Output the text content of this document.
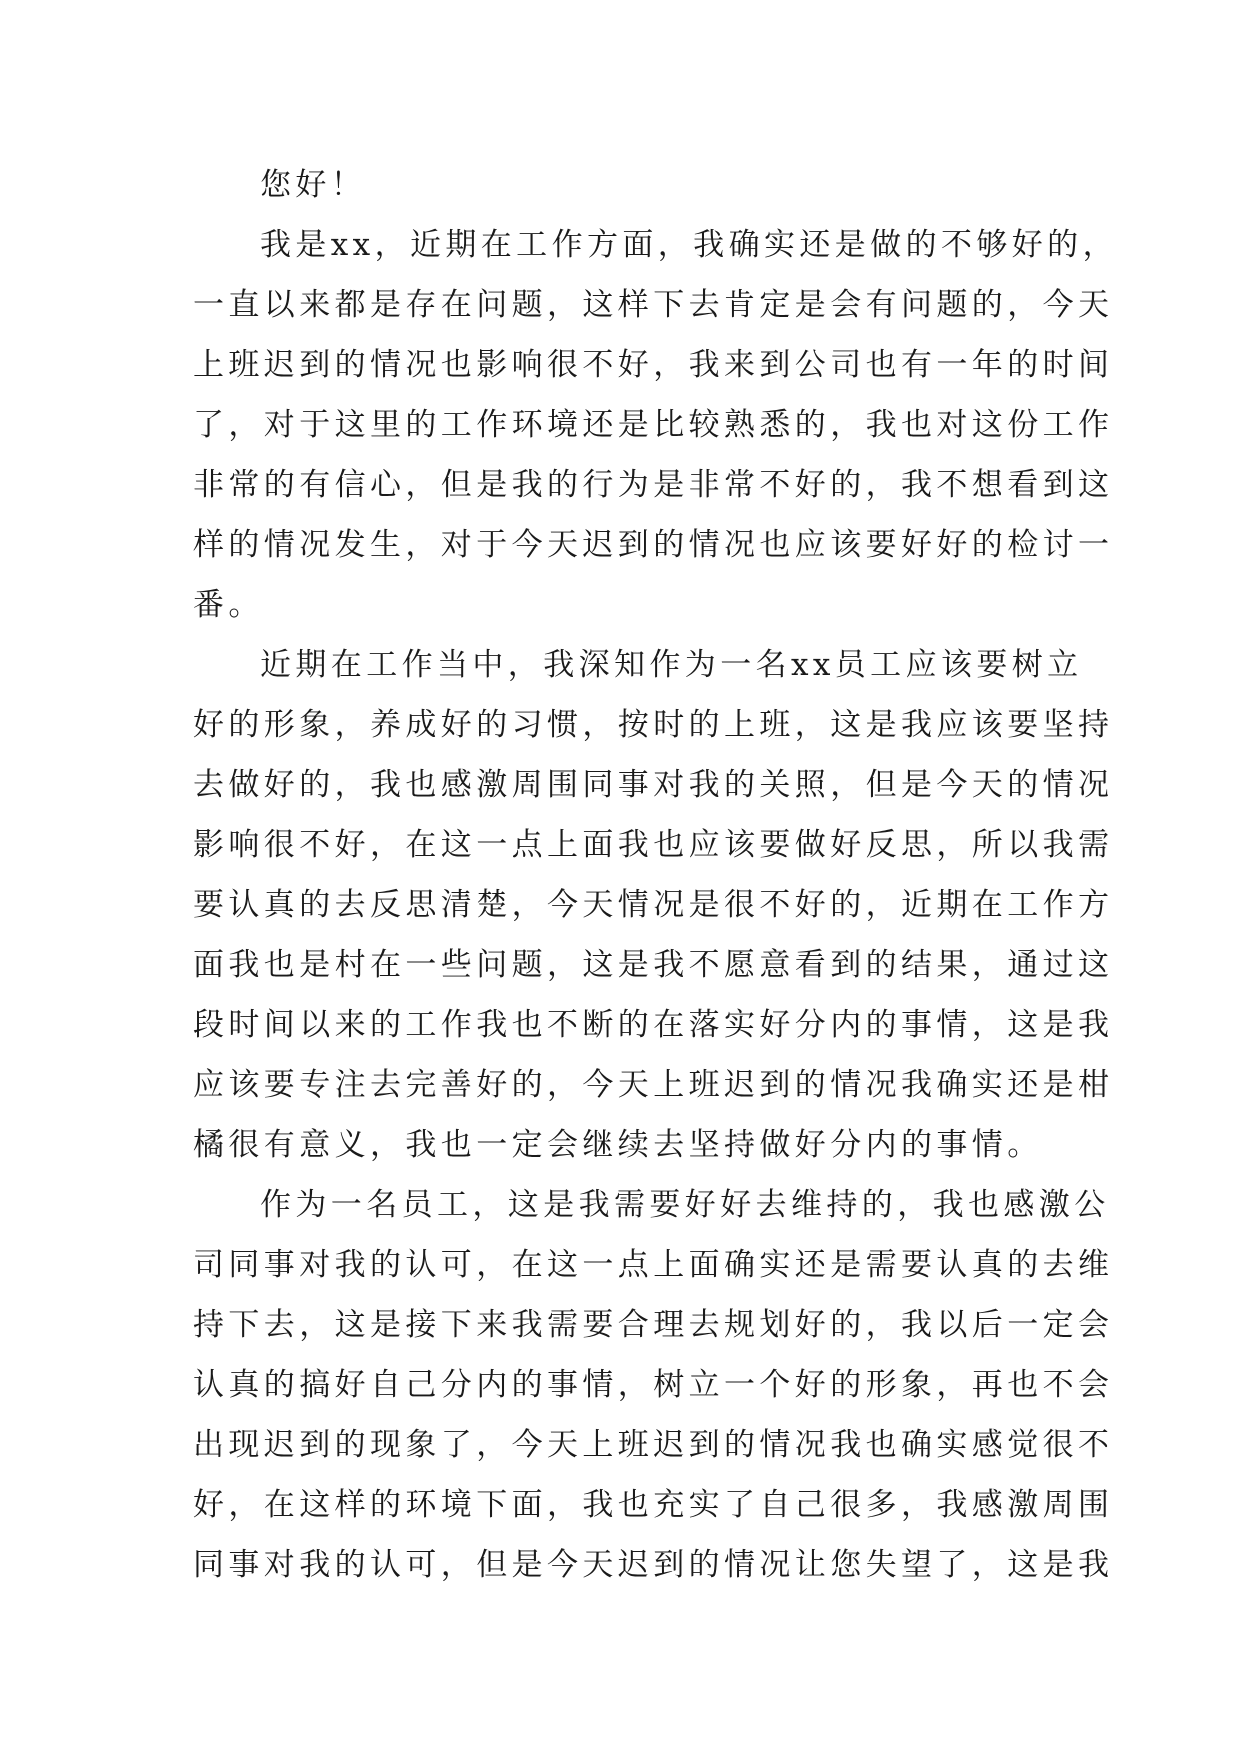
您好！
我是xx，近期在工作方面，我确实还是做的不够好的，
一直以来都是存在问题，这样下去肯定是会有问题的，今天
上班迟到的情况也影响很不好，我来到公司也有一年的时间
了，对于这里的工作环境还是比较熟悉的，我也对这份工作
非常的有信心，但是我的行为是非常不好的，我不想看到这
样的情况发生，对于今天迟到的情况也应该要好好的检讨一
番。
近期在工作当中，我深知作为一名xx员工应该要树立
好的形象，养成好的习惯，按时的上班，这是我应该要坚持
去做好的，我也感激周围同事对我的关照，但是今天的情况
影响很不好，在这一点上面我也应该要做好反思，所以我需
要认真的去反思清楚，今天情况是很不好的，近期在工作方
面我也是村在一些问题，这是我不愿意看到的结果，通过这
段时间以来的工作我也不断的在落实好分内的事情，这是我
应该要专注去完善好的，今天上班迟到的情况我确实还是柑
橘很有意义，我也一定会继续去坚持做好分内的事情。
作为一名员工，这是我需要好好去维持的，我也感激公
司同事对我的认可，在这一点上面确实还是需要认真的去维
持下去，这是接下来我需要合理去规划好的，我以后一定会
认真的搞好自己分内的事情，树立一个好的形象，再也不会
出现迟到的现象了，今天上班迟到的情况我也确实感觉很不
好，在这样的环境下面，我也充实了自己很多，我感激周围
同事对我的认可，但是今天迟到的情况让您失望了，这是我
